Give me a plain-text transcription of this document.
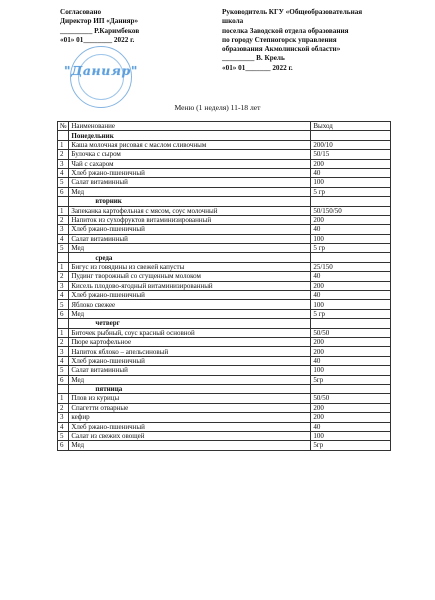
Согласовано
Директор ИП «Данияр»
_________ Р.Каримбеков
«01» 01________ 2022 г.
Руководитель КГУ «Общеобразовательная
школа
поселка Заводской отдела образования
по городу Степногорск управления
образования Акмолинской области»
_________ В. Крель
«01» 01_______ 2022 г.
"Данияр"
Меню (1 неделя) 11-18 лет
№	Наименование	Выход
	Понедельник	
1	Каша молочная рисовая с маслом сливочным	200/10
2	Булочка с сыром	50/15
3	Чай с сахаром	200
4	Хлеб ржано-пшеничный	40
5	Салат витаминный	100
6	Мед	5 гр
	вторник	
1	Запеканка картофельная с мясом, соус молочный	50/150/50
2	Напиток из сухофруктов витаминизированный	200
3	Хлеб ржано-пшеничный	40
4	Салат витаминный	100
5	Мед	5 гр
	среда	
1	Бигус из говядины из свежей капусты	25/150
2	Пудинг творожный со сгущенным молоком	40
3	Кисель плодово-ягодный витаминизированный	200
4	Хлеб ржано-пшеничный	40
5	Яблоко свежее	100
6	Мед	5 гр
	четверг	
1	Биточек рыбный, соус красный основной	50/50
2	Пюре картофельное	200
3	Напиток яблоко – апельсиновый	200
4	Хлеб ржано-пшеничный	40
5	Салат витаминный	100
6	Мед	5гр
	пятница	
1	Плов из курицы	50/50
2	Спагетти отварные	200
3	кефир	200
4	Хлеб ржано-пшеничный	40
5	Салат из свежих овощей	100
6	Мед	5гр
